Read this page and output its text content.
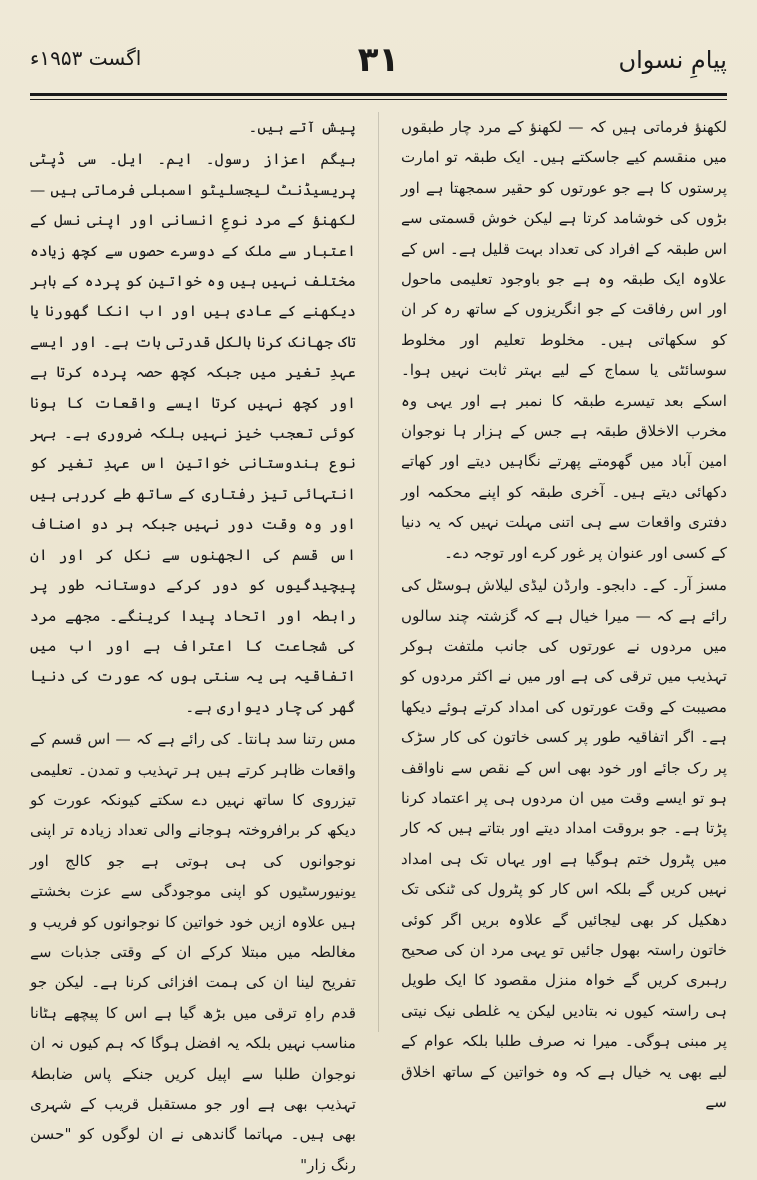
پیامِ نسواں
۳۱
اگست ۱۹۵۳ء

لکھنؤ فرماتی ہیں کہ — لکھنؤ کے مرد چار طبقوں میں منقسم کیے جاسکتے ہیں۔ ایک طبقہ تو امارت پرستوں کا ہے جو عورتوں کو حقیر سمجھتا ہے اور بڑوں کی خوشامد کرتا ہے لیکن خوش قسمتی سے اس طبقہ کے افراد کی تعداد بہت قلیل ہے۔ اس کے علاوہ ایک طبقہ وہ ہے جو باوجود تعلیمی ماحول اور اس رفاقت کے جو انگریزوں کے ساتھ رہ کر ان کو سکھاتی ہیں۔ مخلوط تعلیم اور مخلوط سوسائٹی یا سماج کے لیے بہتر ثابت نہیں ہوا۔ اسکے بعد تیسرے طبقہ کا نمبر ہے اور یہی وہ مخرب الاخلاق طبقہ ہے جس کے ہزار ہا نوجوان امین آباد میں گھومتے پھرتے نگاہیں دیتے اور کھاتے دکھائی دیتے ہیں۔ آخری طبقہ کو اپنے محکمہ اور دفتری واقعات سے ہی اتنی مہلت نہیں کہ یہ دنیا کے کسی اور عنوان پر غور کرے اور توجہ دے۔

مسز آر۔ کے۔ دابجو۔ وارڈن لیڈی لیلاش ہوسٹل کی رائے ہے کہ — میرا خیال ہے کہ گزشتہ چند سالوں میں مردوں نے عورتوں کی جانب ملتفت ہوکر تہذیب میں ترقی کی ہے اور میں نے اکثر مردوں کو مصیبت کے وقت عورتوں کی امداد کرتے ہوئے دیکھا ہے۔ اگر اتفاقیہ طور پر کسی خاتون کی کار سڑک پر رک جائے اور خود بھی اس کے نقص سے ناواقف ہو تو ایسے وقت میں ان مردوں ہی پر اعتماد کرنا پڑتا ہے۔ جو بروقت امداد دیتے اور بتاتے ہیں کہ کار میں پٹرول ختم ہوگیا ہے اور یہاں تک ہی امداد نہیں کریں گے بلکہ اس کار کو پٹرول کی ٹنکی تک دھکیل کر بھی لیجائیں گے علاوہ بریں اگر کوئی خاتون راستہ بھول جائیں تو یہی مرد ان کی صحیح رہبری کریں گے خواہ منزل مقصود کا ایک طویل ہی راستہ کیوں نہ بتادیں لیکن یہ غلطی نیک نیتی پر مبنی ہوگی۔ میرا نہ صرف طلبا بلکہ عوام کے لیے بھی یہ خیال ہے کہ وہ خواتین کے ساتھ اخلاق سے

پیش آتے ہیں۔

بیگم اعزاز رسول۔ ایم۔ ایل۔ سی ڈپٹی پریسیڈنٹ لیجسلیٹو اسمبلی فرماتی ہیں — لکھنؤ کے مرد نوعِ انسانی اور اپنی نسل کے اعتبار سے ملک کے دوسرے حصوں سے کچھ زیادہ مختلف نہیں ہیں وہ خواتین کو پردہ کے باہر دیکھنے کے عادی ہیں اور اب انکا گھورنا یا تاک جھانک کرنا بالکل قدرتی بات ہے۔ اور ایسے عہدِ تغیر میں جبکہ کچھ حصہ پردہ کرتا ہے اور کچھ نہیں کرتا ایسے واقعات کا ہونا کوئی تعجب خیز نہیں بلکہ ضروری ہے۔ بہر نوع ہندوستانی خواتین اس عہدِ تغیر کو انتہائی تیز رفتاری کے ساتھ طے کررہی ہیں اور وہ وقت دور نہیں جبکہ ہر دو اصناف اس قسم کی الجھنوں سے نکل کر اور ان پیچیدگیوں کو دور کرکے دوستانہ طور پر رابطہ اور اتحاد پیدا کرینگے۔ مجھے مرد کی شجاعت کا اعتراف ہے اور اب میں اتفاقیہ ہی یہ سنتی ہوں کہ عورت کی دنیا گھر کی چار دیواری ہے۔

مس رتنا سد ہانتا۔ کی رائے ہے کہ — اس قسم کے واقعات ظاہر کرتے ہیں ہر تہذیب و تمدن۔ تعلیمی تیزروی کا ساتھ نہیں دے سکتے کیونکہ عورت کو دیکھ کر برافروختہ ہوجانے والی تعداد زیادہ تر اپنی نوجوانوں کی ہی ہوتی ہے جو کالج اور یونیورسٹیوں کو اپنی موجودگی سے عزت بخشتے ہیں علاوہ ازیں خود خواتین کا نوجوانوں کو فریب و مغالطہ میں مبتلا کرکے ان کے وقتی جذبات سے تفریح لینا ان کی ہمت افزائی کرنا ہے۔ لیکن جو قدم راہِ ترقی میں بڑھ گیا ہے اس کا پیچھے ہٹانا مناسب نہیں بلکہ یہ افضل ہوگا کہ ہم کیوں نہ ان نوجوان طلبا سے اپیل کریں جنکے پاس ضابطۂ تہذیب بھی ہے اور جو مستقبل قریب کے شہری بھی ہیں۔ مہاتما گاندھی نے ان لوگوں کو "حسن رنگ زار"
